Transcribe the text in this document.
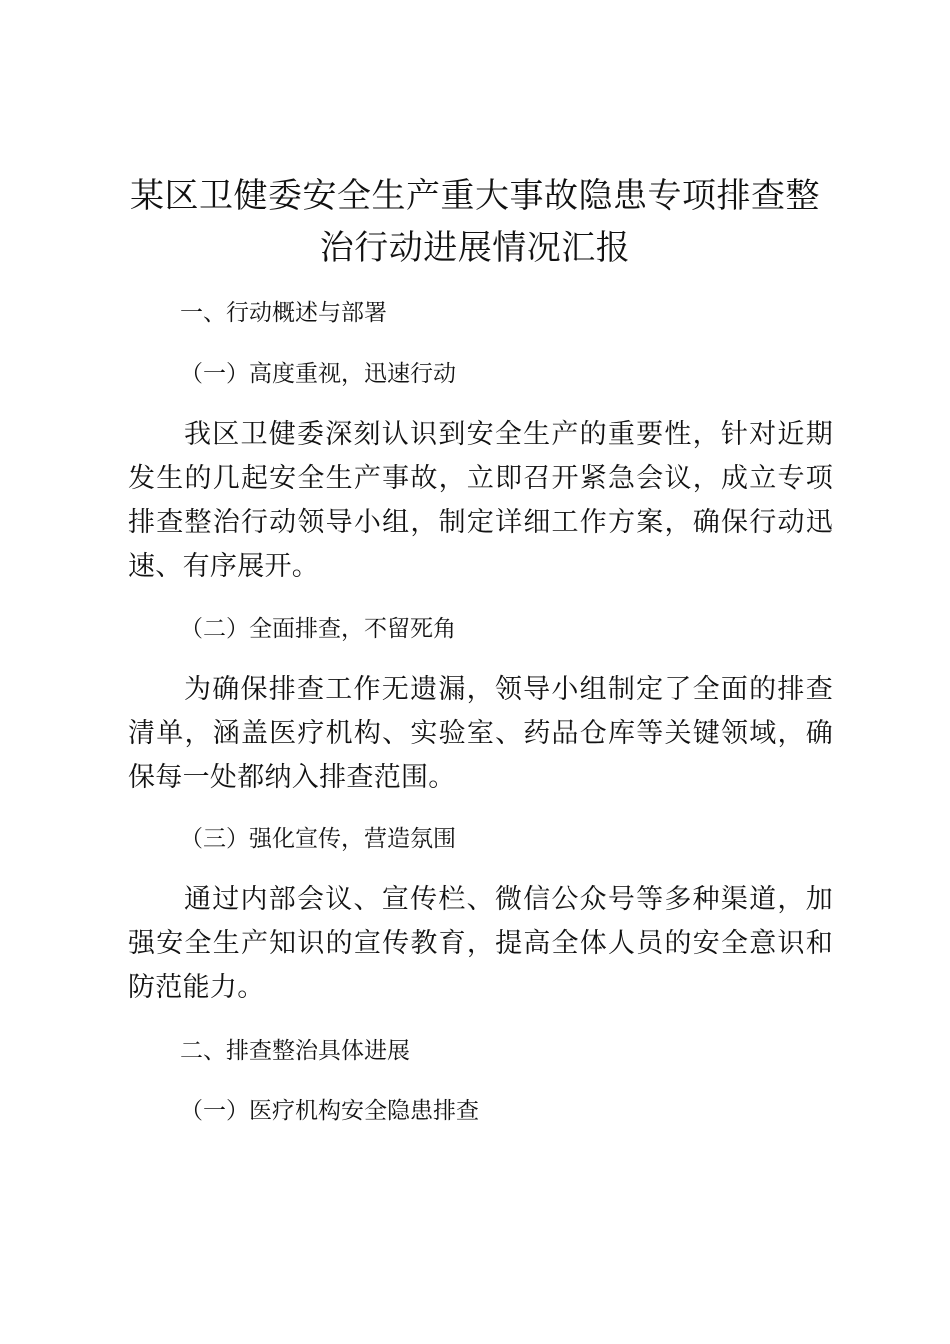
某区卫健委安全生产重大事故隐患专项排查整治行动进展情况汇报
一、行动概述与部署
（一）高度重视，迅速行动
我区卫健委深刻认识到安全生产的重要性，针对近期发生的几起安全生产事故，立即召开紧急会议，成立专项排查整治行动领导小组，制定详细工作方案，确保行动迅速、有序展开。
（二）全面排查，不留死角
为确保排查工作无遗漏，领导小组制定了全面的排查清单，涵盖医疗机构、实验室、药品仓库等关键领域，确保每一处都纳入排查范围。
（三）强化宣传，营造氛围
通过内部会议、宣传栏、微信公众号等多种渠道，加强安全生产知识的宣传教育，提高全体人员的安全意识和防范能力。
二、排查整治具体进展
（一）医疗机构安全隐患排查
